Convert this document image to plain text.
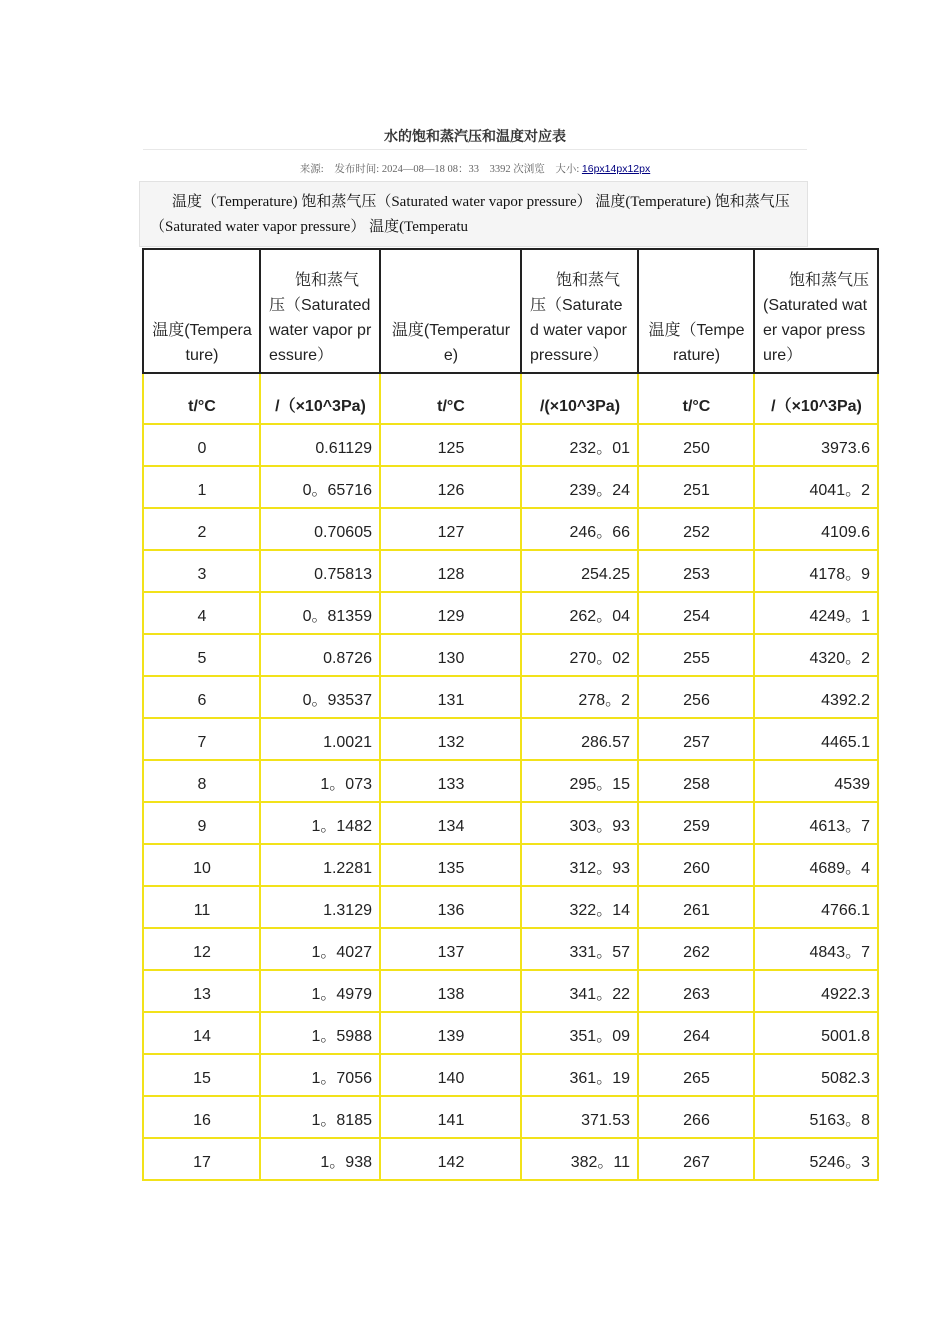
水的饱和蒸汽压和温度对应表
来源: 发布时间: 2024—08—18 08：33 3392 次浏览 大小: 16px14px12px
温度（Temperature) 饱和蒸气压（Saturated water vapor pressure） 温度(Temperature) 饱和蒸气压（Saturated water vapor pressure） 温度(Temperatu
温度(Temperature)	饱和蒸气压（Saturated water vapor pressure）	温度(Temperature)	饱和蒸气压（Saturated water vapor pressure）	温度（Temperature)	饱和蒸气压(Saturated water vapor pressure）
t/°C	/（×10^3Pa)	t/°C	/(×10^3Pa)	t/°C	/（×10^3Pa)
0	0.61129	125	232。01	250	3973.6
1	0。65716	126	239。24	251	4041。2
2	0.70605	127	246。66	252	4109.6
3	0.75813	128	254.25	253	4178。9
4	0。81359	129	262。04	254	4249。1
5	0.8726	130	270。02	255	4320。2
6	0。93537	131	278。2	256	4392.2
7	1.0021	132	286.57	257	4465.1
8	1。073	133	295。15	258	4539
9	1。1482	134	303。93	259	4613。7
10	1.2281	135	312。93	260	4689。4
11	1.3129	136	322。14	261	4766.1
12	1。4027	137	331。57	262	4843。7
13	1。4979	138	341。22	263	4922.3
14	1。5988	139	351。09	264	5001.8
15	1。7056	140	361。19	265	5082.3
16	1。8185	141	371.53	266	5163。8
17	1。938	142	382。11	267	5246。3
